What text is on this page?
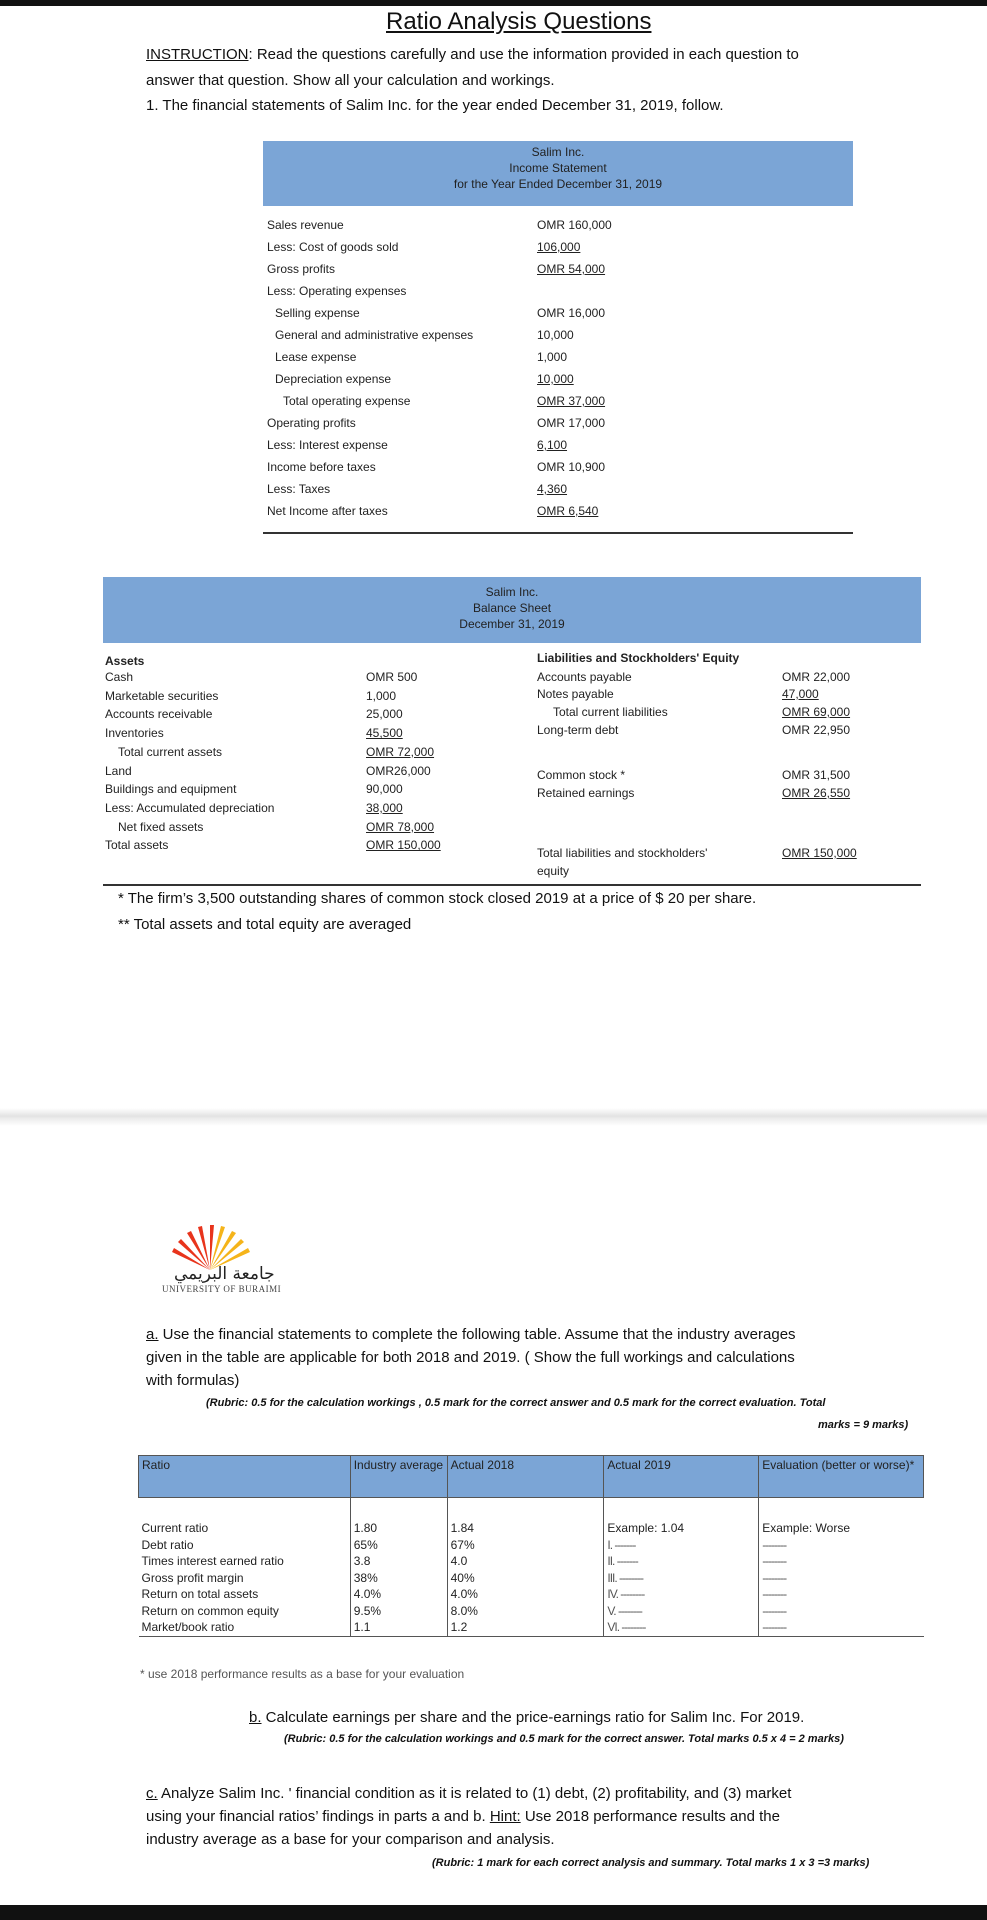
Ratio Analysis Questions
INSTRUCTION: Read the questions carefully and use the information provided in each question to
answer that question. Show all your calculation and workings.
1. The financial statements of Salim Inc. for the year ended December 31, 2019, follow.
Salim Inc.
Income Statement
for the Year Ended December 31, 2019
Sales revenue	OMR 160,000
Less: Cost of goods sold	106,000
Gross profits	OMR 54,000
Less: Operating expenses
Selling expense	OMR 16,000
General and administrative expenses	10,000
Lease expense	1,000
Depreciation expense	10,000
Total operating expense	OMR 37,000
Operating profits	OMR 17,000
Less: Interest expense	6,100
Income before taxes	OMR 10,900
Less: Taxes	4,360
Net Income after taxes	OMR 6,540
Salim Inc.
Balance Sheet
December 31, 2019
Assets	Liabilities and Stockholders' Equity
Cash	OMR 500
Marketable securities	1,000
Accounts receivable	25,000
Inventories	45,500
Total current assets	OMR 72,000
Land	OMR26,000
Buildings and equipment	90,000
Less: Accumulated depreciation	38,000
Net fixed assets	OMR 78,000
Total assets	OMR 150,000
Accounts payable	OMR 22,000
Notes payable	47,000
Total current liabilities	OMR 69,000
Long-term debt	OMR 22,950
Common stock *	OMR 31,500
Retained earnings	OMR 26,550
Total liabilities and stockholders'
equity
OMR 150,000
* The firm’s 3,500 outstanding shares of common stock closed 2019 at a price of $ 20 per share.
** Total assets and total equity are averaged
جامعة البريمي
UNIVERSITY OF BURAIMI
a. Use the financial statements to complete the following table. Assume that the industry averages
given in the table are applicable for both 2018 and 2019. ( Show the full workings and calculations
with formulas)
(Rubric: 0.5 for the calculation workings , 0.5 mark for the correct answer and 0.5 mark for the correct evaluation. Total
marks = 9 marks)
Ratio	Industry average	Actual 2018	Actual 2019	Evaluation (better or worse)*
Current ratio	1.80	1.84	Example: 1.04	Example: Worse
Debt ratio	65%	67%	I. -------	--------
Times interest earned ratio	3.8	4.0	II. -------	--------
Gross profit margin	38%	40%	III. --------	--------
Return on total assets	4.0%	4.0%	IV. --------	--------
Return on common equity	9.5%	8.0%	V. --------	--------
Market/book ratio	1.1	1.2	VI. --------	--------
* use 2018 performance results as a base for your evaluation
b. Calculate earnings per share and the price-earnings ratio for Salim Inc. For 2019.
(Rubric: 0.5 for the calculation workings and 0.5 mark for the correct answer. Total marks 0.5 x 4 = 2 marks)
c. Analyze Salim Inc. ' financial condition as it is related to (1) debt, (2) profitability, and (3) market
using your financial ratios’ findings in parts a and b. Hint: Use 2018 performance results and the
industry average as a base for your comparison and analysis.
(Rubric: 1 mark for each correct analysis and summary. Total marks 1 x 3 =3 marks)
